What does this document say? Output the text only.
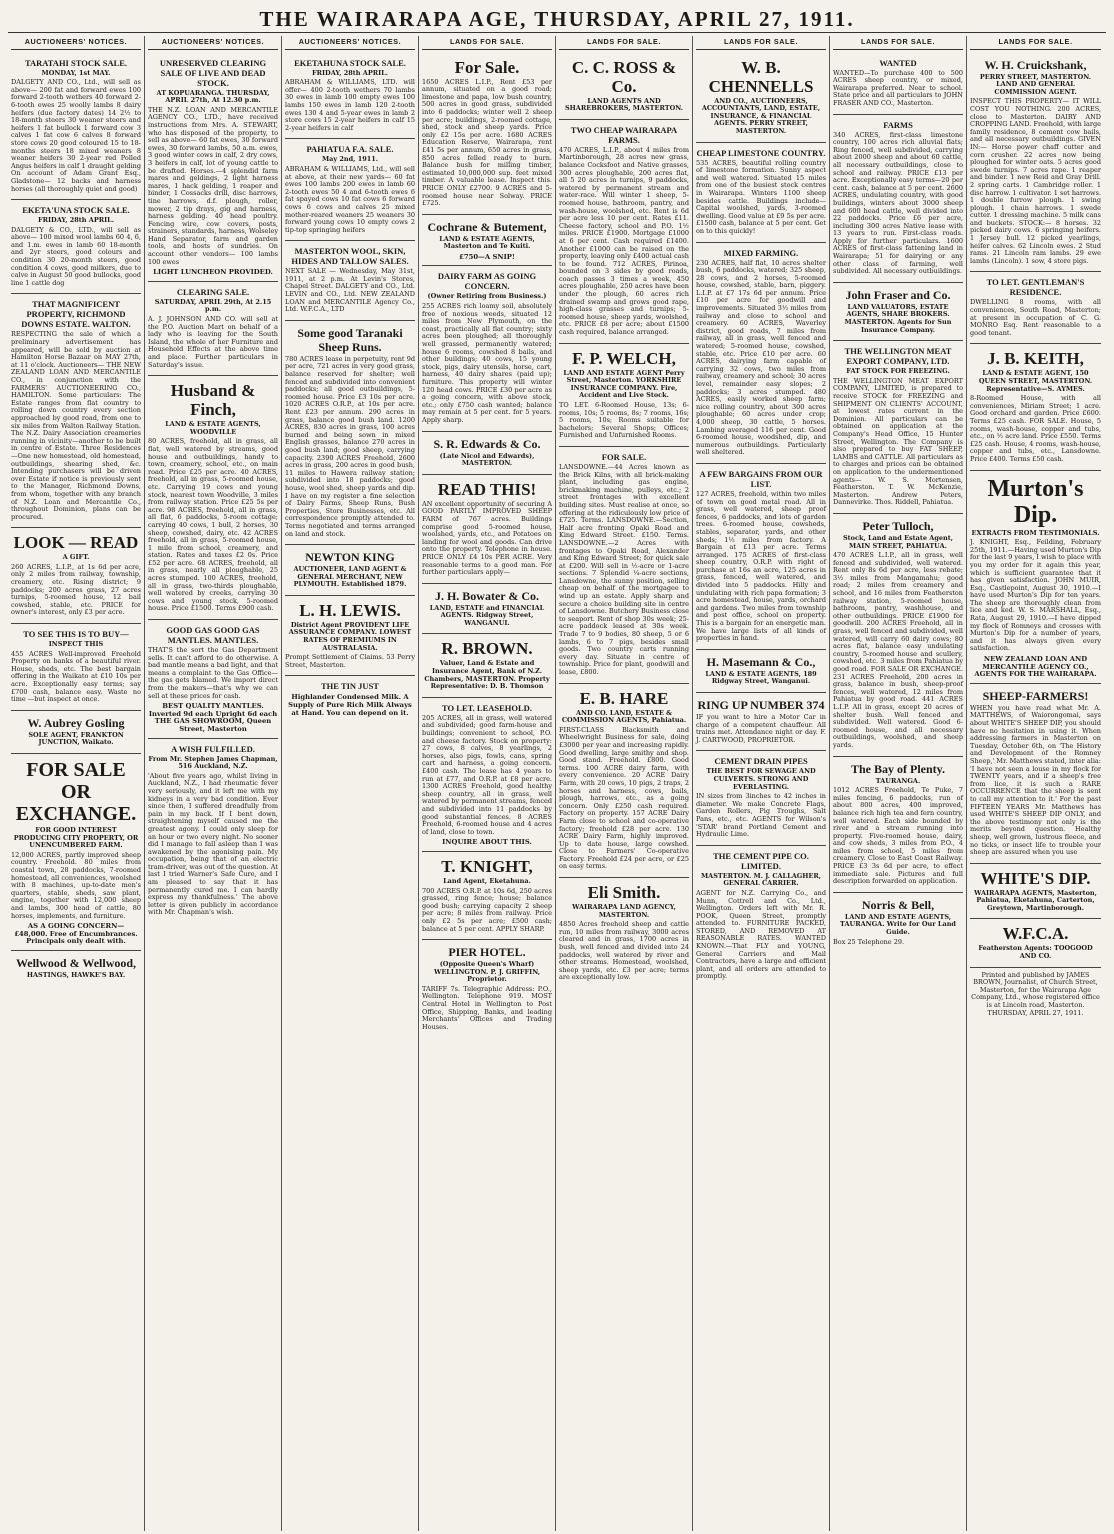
THE WAIRARAPA AGE, THURSDAY, APRIL 27, 1911.
AUCTIONEERS' NOTICES.
TARATAHI STOCK SALE.
MONDAY, 1st MAY.
DALGETY AND CO., Ltd., will sell as above— 200 fat and forward ewes 100 forward 2-tooth wethers 40 forward 2-6-tooth ewes 25 woolly lambs 8 dairy heifers (due factory dates) 14 2½ to 18-month steers 30 weaner steers and heifers 1 fat bullock 1 forward cow 3 calves 1 fat cow 6 calves 8 forward store cows 20 good coloured 15 to 18-months steers 18 mixed weaners 8 weaner heifers 30 2-year red Polled Angus heifers in calf 1 draught gelding On account of Adam Grant Esq., Gladstone— 12 backs and harness horses (all thoroughly quiet and good)
EKETA'UNA STOCK SALE.
FRIDAY, 28th APRIL.
DALGETY & CO., LTD., will sell as above— 100 mixed wool lambs 60 4, 6, and 1.m. ewes in lamb 60 18-month and 2yr steers, good colours and condition 30 20-month steers, good condition 4 cows, good milkers, due to calve in August 50 good bullocks, good line 1 cattle dog
THAT MAGNIFICENT PROPERTY, RICHMOND DOWNS ESTATE. WALTON.
RESPECTING the sale of which a preliminary advertisement has appeared, will be sold by auction at Hamilton Horse Bazaar on MAY 27th, at 11 o'clock. Auctioneers— THE NEW ZEALAND LOAN AND MERCANTILE CO., in conjunction with the FARMERS' AUCTIONEERING CO., HAMILTON. Some particulars: The Estate ranges from flat country to rolling down country every section approached by good road, from one to six miles from Walton Railway Station. The N.Z. Dairy Association creameries running in vicinity—another to be built in centre of Estate. Three Residences —One new homestead, old homestead, outbuildings, shearing shed, &c. Intending purchasers will be driven over Estate if notice is previously sent to the Manager, Richmond Downs, from whom, together with any branch of N.Z. Loan and Mercantile Co., throughout Dominion, plans can be procured.
LOOK — READ
A GIFT.
260 ACRES, L.I.P., at 1s 6d per acre, only 2 miles from railway, township, creamery, etc. Rising district; 9 paddocks; 200 acres grass, 27 acres turnips, 5-roomed house, 12 bail cowshed, stable, etc. PRICE for owner's interest, only £3 per acre.
TO SEE THIS IS TO BUY—
INSPECT THIS
455 ACRES Well-improved Freehold Property on banks of a beautiful river. House, sheds, etc. The best bargain offering in the Waikato at £10 10s per acre. Exceptionally easy terms; say £700 cash, balance easy. Waste no time —but inspect at once.
W. Aubrey Gosling
SOLE AGENT, FRANKTON JUNCTION, Waikato.
FOR SALE OR EXCHANGE.
FOR GOOD INTEREST PRODUCING CITY PROPERTY, OR UNENCUMBERED FARM.
12,000 ACRES, partly improved sheep country. Freehold. 80 miles from coastal town, 28 paddocks, 7-roomed homestead, all conveniences, woolshed with 8 machines, up-to-date men's quarters, stable, sheds, saw plant, engine, together with 12,000 sheep and lambs, 300 head of cattle, 80 horses, implements, and furniture.
AS A GOING CONCERN— £48,000. Free of Encumbrances. Principals only dealt with.
Wellwood & Wellwood,
HASTINGS, HAWKE'S BAY.
AUCTIONEERS' NOTICES.
UNRESERVED CLEARING SALE OF LIVE AND DEAD STOCK.
AT KOPUARANGA. THURSDAY, APRIL 27th, At 12.30 p.m.
THE N.Z. LOAN AND MERCANTILE AGENCY CO., LTD., have received instructions from Mrs. A. STEWART, who has disposed of the property, to sell as above— 60 fat ewes, 30 forward ewes, 30 forward lambs, 50 a.m. ewes, 3 good winter cows in calf, 2 dry cows, 3 heifers in calf, lot of young cattle to be drafted. Horses.—4 splendid farm mares and geldings, 2 light harness mares, 1 hack gelding, 1 reaper and binder, 1 Cossacks drill, disc harrows, tine harrows, d.f. plough, roller, mower, 2 tip drays, gig and harness, harness gelding. 40 head poultry. Fencing wire, cow covers, posts, strainers, standards, harness, Wolseley Hand Separator, farm and garden tools, and hosts of sundries. On account other vendors— 100 lambs 100 ewes
LIGHT LUNCHEON PROVIDED.
CLEARING SALE.
SATURDAY, APRIL 29th, At 2.15 p.m.
A. J. JOHNSON AND CO. will sell at the P.O. Auction Mart on behalf of a lady who is leaving for the South Island, the whole of her Furniture and Household Effects at the above time and place. Further particulars in Saturday's issue.
Husband & Finch,
LAND & ESTATE AGENTS, WOODVILLE
80 ACRES, freehold, all in grass, all flat, well watered by streams, good house and outbuildings, handy to town, creamery, school, etc., on main road. Price £25 per acre. 40 ACRES, freehold, all in grass, 5-roomed house, etc. Carrying 19 cows and young stock, nearest town Woodville, 3 miles from railway station. Price £25 5s per acre. 98 ACRES, freehold, all in grass, all flat, 6 paddocks, 5-room cottage; carrying 40 cows, 1 bull, 2 horses, 30 sheep, cowshed, dairy, etc. 42 ACRES freehold, all in grass, 5-roomed house, 1 mile from school, creamery, and station. Rates and taxes £2 0s. Price £52 per acre. 68 ACRES, freehold, all in grass, nearly all ploughable, 25 acres stumped. 100 ACRES, freehold, all in grass, two-thirds ploughable, well watered by creeks, carrying 30 cows and young stock, 5-roomed house. Price £1500. Terms £900 cash.
GOOD GAS GOOD GAS MANTLES. MANTLES.
THAT'S the sort the Gas Department sells. It can't afford to do otherwise. A bad mantle means a bad light, and that means a complaint to the Gas Office—the gas gets blamed. We import direct from the makers—that's why we can sell at these prices for cash.
BEST QUALITY MANTLES. Inverted 9d each Upright 6d each THE GAS SHOWROOM, Queen Street, Masterton
A WISH FULFILLED.
From Mr. Stephen James Chapman, 516 Auckland, N.Z.
'About five years ago, whilst living in Auckland, N.Z., I had rheumatic fever very seriously, and it left me with my kidneys in a very bad condition. Ever since then, I suffered dreadfully from pain in my back. If I bent down, straightening myself caused me the greatest agony. I could only sleep for an hour or two every night. No sooner did I manage to fall asleep than I was awakened by the agonising pain. My occupation, being that of an electric tram-driver, was out of the question. At last I tried Warner's Safe Cure, and I am pleased to say that it has permanently cured me. I can hardly express my thankfulness.' The above letter is given publicly in accordance with Mr. Chapman's wish.
AUCTIONEERS' NOTICES.
EKETAHUNA STOCK SALE.
FRIDAY, 28th APRIL.
ABRAHAM & WILLIAMS, LTD. will offer— 400 2-tooth wethers 70 lambs 30 ewes in lamb 100 empty ewes 100 lambs 150 ewes in lamb 120 2-tooth ewes 130 4 and 5-year ewes in lamb 2 store cows 15 2-year heifers in calf 15 2-year heifers in calf
PAHIATUA F.A. SALE.
May 2nd, 1911.
ABRAHAM & WILLIAMS, Ltd., will sell at above, at their new yards— 60 fat ewes 100 lambs 200 ewes in lamb 60 2-tooth ewes 50 4 and 6-tooth ewes 6 fat spayed cows 10 fat cows 6 forward cows 6 cows and calves 25 mixed mother-reared weaners 25 weaners 30 forward young cows 10 empty cows 2 tip-top springing heifers
MASTERTON WOOL, SKIN, HIDES AND TALLOW SALES.
NEXT SALE — Wednesday, May 31st, 1911, at 2 p.m. At Levin's Stores, Chapel Street. DALGETY and CO., Ltd. LEVIN and CO., Ltd. NEW ZEALAND LOAN and MERCANTILE Agency Co., Ltd. W.F.C.A., LTD
Some good Taranaki Sheep Runs.
780 ACRES lease in perpetuity, rent 9d per acre, 721 acres in very good grass, balance reserved for shelter; well fenced and subdivided into convenient paddocks; all good outbuildings, 5-roomed house. Price £3 10s per acre. 1020 ACRES O.R.P., at 10s per acre. Rent £23 per annum. 290 acres in grass, balance good bush land. 1200 ACRES, 830 acres in grass, 100 acres burned and being sown in mixed English grasses, balance 270 acres in good bush land; good sheep, carrying capacity. 2390 ACRES Freehold, 2600 acres in grass, 200 acres in good bush, 11 miles to Hawera railway station; subdivided into 18 paddocks; good house, wool shed, sheep yards and dip. I have on my register a fine selection of Dairy Farms, Sheep Runs, Bush Properties, Store Businesses, etc. All correspondence promptly attended to. Terms negotiated and terms arranged on land and stock.
NEWTON KING
AUCTIONEER, LAND AGENT & GENERAL MERCHANT, NEW PLYMOUTH. Established 1879.
L. H. LEWIS.
District Agent PROVIDENT LIFE ASSURANCE COMPANY. LOWEST RATES OF PREMIUMS IN AUSTRALASIA.
Prompt Settlement of Claims. 53 Perry Street, Masterton.
THE TIN JUST
Highlander Condensed Milk. A Supply of Pure Rich Milk Always at Hand. You can depend on it.
LANDS FOR SALE.
For Sale.
1650 ACRES L.I.P., Rent £53 per annum, situated on a good road; limestone and papa, low bush country, 500 acres in good grass, subdivided into 6 paddocks; winter well 2 sheep per acre; buildings, 2-roomed cottage, shed, stock and sheep yards. Price only £2 15s per acre. 1680 ACRES Education Reserve, Wairarapa, rent £41 5s per annum, 650 acres in grass, 850 acres felled ready to burn. Balance bush for milling timber, estimated 10,000,000 sup. feet mixed timber. A valuable lease. Inspect this. PRICE ONLY £2700. 9 ACRES and 5-roomed house near Solway. PRICE £725.
Cochrane & Butement,
LAND & ESTATE AGENTS, Masterton and Te Kuiti.
£750—A SNIP!
DAIRY FARM AS GOING CONCERN.
(Owner Retiring from Business.)
255 ACRES rich loamy soil, absolutely free of noxious weeds, situated 12 miles from New Plymouth, on the coast, practically all flat country; sixty acres been ploughed; all thoroughly well grassed, permanently watered; house 6 rooms, cowshed 8 bails, and other buildings; 40 cows, 15 young stock, pigs, dairy utensils, horse, cart, harness, 40 dairy shares (paid up); furniture. This property will winter 120 head cows. PRICE £30 per acre as a going concern, with above stock, etc.; only £750 cash wanted; balance may remain at 5 per cent. for 5 years. Apply sharp.
S. R. Edwards & Co.
(Late Nicol and Edwards), MASTERTON.
READ THIS!
AN excellent opportunity of securing A GOOD PARTLY IMPROVED SHEEP FARM of 767 acres. Buildings comprise good 5-roomed house, woolshed, yards, etc., and Potatoes on landing for wool and goods. Can drive onto the property. Telephone in house. PRICE ONLY £4 10s PER ACRE. Very reasonable terms to a good man. For further particulars apply—
J. H. Bowater & Co.
LAND, ESTATE and FINANCIAL AGENTS. Ridgway Street, WANGANUI.
R. BROWN.
Valuer, Land & Estate and Insurance Agent, Bank of N.Z. Chambers, MASTERTON. Property Representative: D. B. Thomson
TO LET. LEASEHOLD.
205 ACRES, all in grass, well watered and subdivided; good farm-house and buildings; convenient to school, P.O. and cheese factory. Stock on property: 27 cows, 8 calves, 8 yearlings, 2 horses, also pigs, fowls, cans, spring cart and harness, a going concern. £400 cash. The lease has 4 years to run at £77, and O.R.P. at £8 per acre. 1300 ACRES Freehold, good healthy sheep country, all in grass, well watered by permanent streams, fenced and subdivided into 11 paddocks by good substantial fences. 8 ACRES Freehold, 6-roomed house and 4 acres of land, close to town.
INQUIRE ABOUT THIS.
T. KNIGHT,
Land Agent, Eketahuna.
700 ACRES O.R.P. at 10s 6d, 250 acres grassed, ring fence; house; balance good bush; carrying capacity 2 sheep per acre; 8 miles from railway. Price only £2 5s per acre; £500 cash; balance at 5 per cent. APPLY SHARP.
PIER HOTEL.
(Opposite Queen's Wharf) WELLINGTON. P. J. GRIFFIN, Proprietor.
TARIFF 7s. Telegraphic Address: P.O., Wellington. Telephone 919. MOST Central Hotel in Wellington to Post Office, Shipping, Banks, and leading Merchants' Offices and Trading Houses.
LANDS FOR SALE.
C. C. ROSS & Co.
LAND AGENTS AND SHAREBROKERS, MASTERTON.
TWO CHEAP WAIRARAPA FARMS.
470 ACRES, L.I.P., about 4 miles from Martinborough, 28 acres new grass, balance Cocksfoot and Native grasses, 300 acres ploughable, 200 acres flat, all 5 20 acres in turnips, 9 paddocks, watered by permanent stream and water-race. Will winter 1 sheep, 5-roomed house, bathroom, pantry, and wash-house, woolshed, etc. Rent is 6d per acre less 10 per cent. Rates £11. Cheese factory, school and P.O. 1½ miles. PRICE £1900. Mortgage £1000 at 6 per cent. Cash required £1400. Another £1000 can be raised on the property, leaving only £400 actual cash to be found. 712 ACRES, Pirinoa, bounded on 3 sides by good roads, coach passes 3 times a week, 450 acres ploughable, 250 acres have been under the plough, 60 acres rich drained swamp and grows good rape, high-class grasses and turnips; 5-roomed house, sheep yards, woolshed, etc. PRICE £8 per acre; about £1500 cash required, balance arranged.
F. P. WELCH,
LAND AND ESTATE AGENT Perry Street, Masterton. YORKSHIRE INSURANCE COMPANY. Fire, Accident and Live Stock.
TO LET. 6-Roomed House, 13s; 6-rooms, 10s; 5 rooms, 8s; 7 rooms, 16s; 5 rooms, 10s; Rooms suitable for bachelors; Several Shops; Offices; Furnished and Unfurnished Rooms.
FOR SALE.
LANSDOWNE.—44 Acres known as the Brick Kilns, with all brick-making plant, including gas engine, brickmaking machine, pulleys, etc.; 2 street frontages with excellent building sites. Must realise at once, so offering at the ridiculously low price of £725. Terms. LANSDOWNE.—Section, Half acre fronting Opaki Road and King Edward Street. £150. Terms. LANSDOWNE.—2 Acres with frontages to Opaki Road, Alexander and King Edward Street; for quick sale at £200. Will sell in ½-acre or 1-acre sections. 7 Splendid ¼-acre sections, Lansdowne, the sunny position, selling cheap on behalf of the mortgagee to wind up an estate. Apply sharp and secure a choice building site in centre of Lansdowne. Butchery Business close to seaport. Rent of shop 30s week; 25-acre paddock leased at 30s week. Trade 7 to 9 bodies, 80 sheep, 5 or 6 lambs, 6 to 7 pigs, besides small goods. Two country carts running every day. Situate in centre of township. Price for plant, goodwill and lease, £800.
E. B. HARE
AND CO. LAND, ESTATE & COMMISSION AGENTS, Pahiatua.
FIRST-CLASS Blacksmith and Wheelwright Business for sale, doing £3000 per year and increasing rapidly. Good dwelling, large smithy and shop. Good stand. Freehold. £800. Good terms. 100 ACRE dairy farm, with every convenience. 20 ACRE Dairy Farm, with 20 cows, 10 pigs, 2 traps, 2 horses and harness, cows, bails, plough, harrows, etc., as a going concern. Only £250 cash required. Factory on property. 157 ACRE Dairy Farm close to school and co-operative factory; freehold £28 per acre. 130 ACRE Dairy Farm, highly improved. Up to date house, large cowshed. Close to Farmers' Co-operative Factory. Freehold £24 per acre, or £25 on easy terms.
Eli Smith.
WAIRARAPA LAND AGENCY, MASTERTON.
4850 Acres freehold sheep and cattle run, 10 miles from railway, 3000 acres cleared and in grass, 1700 acres in bush, well fenced and divided into 24 paddocks, well watered by river and other streams. Homestead, woolshed, sheep yards, etc. £3 per acre; terms are exceptionally low.
LANDS FOR SALE.
W. B. CHENNELLS
AND CO., AUCTIONEERS, ACCOUNTANTS, LAND, ESTATE, INSURANCE, & FINANCIAL AGENTS. PERRY STREET, MASTERTON.
CHEAP LIMESTONE COUNTRY.
535 ACRES, beautiful rolling country of limestone formation. Sunny aspect and well watered. Situated 15 miles from one of the busiest stock centres in Wairarapa. Winters 1100 sheep besides cattle. Buildings include—Capital woolshed, yards, 3-roomed dwelling. Good value at £9 5s per acre. £1500 cash, balance at 5 per cent. Get on to this quickly!
MIXED FARMING.
230 ACRES, half flat, 10 acres shelter bush, 6 paddocks, watered; 325 sheep, 28 cows, and 2 horses, 5-roomed house, cowshed, stable, barn, piggery. L.I.P. at £7 17s 6d per annum. Price £10 per acre for goodwill and improvements. Situated 3½ miles from railway and close to school and creamery. 60 ACRES, Waverley district, good roads, 7 miles from railway, all in grass, well fenced and watered; 5-roomed house, cowshed, stable, etc. Price £10 per acre. 60 ACRES, dairying farm capable of carrying 32 cows, two miles from railway, creamery and school; 30 acres level, remainder easy slopes; 2 paddocks; 3 acres stumped. 480 ACRES, easily worked sheep farm; nice rolling country, about 300 acres ploughable; 60 acres under crop; 4,000 sheep, 30 cattle, 5 horses. Lambing averaged 116 per cent. Good 6-roomed house, woodshed, dip, and numerous outbuildings. Particularly well sheltered.
A FEW BARGAINS FROM OUR LIST.
127 ACRES, freehold, within two miles of town on good metal road. All in grass, well watered, sheep proof fences, 6 paddocks, and lots of garden trees. 6-roomed house, cowsheds, stables, separator, yards, and other sheds; 1½ miles from factory. A Bargain at £13 per acre. Terms arranged. 175 ACRES of first-class sheep country, O.R.P. with right of purchase at 16s an acre, 125 acres in grass, fenced, well watered, and divided into 5 paddocks. Hilly and undulating with rich papa formation; 3 acre homestead, house, yards, orchard and gardens. Two miles from township and post office, school on property. This is a bargain for an energetic man. We have large lists of all kinds of properties in hand.
H. Masemann & Co.,
LAND & ESTATE AGENTS, 189 Ridgway Street, Wanganui.
RING UP NUMBER 374
IF you want to hire a Motor Car in charge of a competent chauffeur. All trains met. Attendance night or day. F. J. CARTWOOD, PROPRIETOR.
CEMENT DRAIN PIPES
THE BEST FOR SEWAGE AND CULVERTS. STRONG AND EVERLASTING.
IN sizes from 3inches to 42 inches in diameter. We make Concrete Flags, Garden Rollers, Pig Troughs, Salt Pans, etc., etc. AGENTS for Wilson's 'STAR' brand Portland Cement and Hydraulic Lime.
THE CEMENT PIPE CO. LIMITED.
MASTERTON. M. J. CALLAGHER, GENERAL CARRIER.
AGENT for N.Z. Carrying Co., and Munn, Cottrell and Co., Ltd., Wellington. Orders left with Mr. R. POOK, Queen Street, promptly attended to. FURNITURE PACKED, STORED, AND REMOVED AT REASONABLE RATES. WANTED KNOWN.—That FLY and YOUNG, General Carriers and Mail Contractors, have a large and efficient plant, and all orders are attended to promptly.
LANDS FOR SALE.
WANTED
WANTED—To purchase 400 to 500 ACRES sheep country, or mixed, Wairarapa preferred. Near to school. State price and all particulars to JOHN FRASER AND CO., Masterton.
FARMS
340 ACRES, first-class limestone country, 100 acres rich alluvial flats; Ring fenced, well subdivided, carrying about 2000 sheep and about 60 cattle, all necessary outbuildings, close to school and railway. PRICE £13 per acre. Exceptionally easy terms—20 per cent. cash, balance at 5 per cent. 2600 ACRES, undulating country, with good buildings, winters about 3000 sheep and 600 head cattle, well divided into 22 paddocks. Price £6 per acre, including 300 acres Native lease with 13 years to run. First-class roads. Apply for further particulars. 1600 ACRES of first-class fattening land in Wairarapa; 51 for dairying or any other class of farming, well subdivided. All necessary outbuildings.
John Fraser and Co.
LAND VALUATORS, ESTATE AGENTS, SHARE BROKERS. MASTERTON. Agents for Sun Insurance Company.
THE WELLINGTON MEAT EXPORT COMPANY, LTD.
FAT STOCK FOR FREEZING.
THE WELLINGTON MEAT EXPORT COMPANY, LIMITED, is prepared to receive STOCK for FREEZING and SHIPMENT ON CLIENTS' ACCOUNT, at lowest rates current in the Dominion. All particulars can be obtained on application at the Company's Head Office, 15 Hunter Street, Wellington. The Company is also prepared to buy FAT SHEEP, LAMBS and CATTLE. All particulars as to charges and prices can be obtained on application to the undermentioned agents— W. S. Mortensen, Featherston. T. W. McKenzie, Masterton. Andrew Peters, Dannevirke. Thos. Riddell, Pahiatua.
Peter Tulloch,
Stock, Land and Estate Agent, MAIN STREET, PAHIATUA.
470 ACRES L.I.P., all in grass, well fenced and subdivided, well watered. Rent only 8s 6d per acre, less rebate; 3½ miles from Mangamahu; good road; 2 miles from creamery and school, and 16 miles from Featherston railway station, 5-roomed house, bathroom, pantry, washhouse, and other outbuildings. PRICE £1900 for goodwill. 200 ACRES Freehold, all in grass, well fenced and subdivided, well watered, will carry 60 dairy cows; 80 acres flat, balance easy undulating country, 5-roomed house and scullery, cowshed, etc. 3 miles from Pahiatua by good road. FOR SALE OR EXCHANGE. 231 ACRES Freehold, 200 acres in grass, balance in bush, sheep-proof fences, well watered, 12 miles from Pahiatua by good road. 441 ACRES L.I.P. All in grass, except 20 acres of shelter bush. Well fenced and subdivided. Well watered. Good 6-roomed house, and all necessary outbuildings, woolshed, and sheep yards.
The Bay of Plenty.
TAURANGA.
1012 ACRES Freehold, Te Puke, 7 miles fencing, 6 paddocks, run of about 800 acres, 400 improved, balance rich high tea and fern country, well watered. Each side bounded by river and a stream running into property. Five-roomed house, dairy, and cow sheds, 3 miles from P.O., 4 miles from school, 5 miles from creamery. Close to East Coast Railway. PRICE £3 3s 6d per acre, to effect immediate sale. Pictures and full description forwarded on application.
Norris & Bell,
LAND AND ESTATE AGENTS, TAURANGA. Write for Our Land Guide.
Box 25 Telephone 29.
LANDS FOR SALE.
W. H. Cruickshank,
PERRY STREET, MASTERTON. LAND AND GENERAL COMMISSION AGENT.
INSPECT THIS PROPERTY— IT WILL COST YOU NOTHING. 200 ACRES, close to Masterton. DAIRY AND CROPPING LAND. Freehold, with large family residence, 8 cement cow bails, and all necessary outbuildings. GIVEN IN:— Horse power chaff cutter and corn crusher. 22 acres now being ploughed for winter oats. 5 acres good swede turnips. 7 acres rape. 1 reaper and binder. 1 new Reid and Gray Drill. 2 spring carts. 1 Cambridge roller. 1 disc harrow. 1 cultivator. 1 set harrows. 1 double furrow plough. 1 swing plough. 1 chain harrows. 1 swede cutter. 1 dressing machine. 5 milk cans and buckets. STOCK:— 8 horses. 32 picked dairy cows. 6 springing heifers. 1 Jersey bull. 12 picked yearlings, heifer calves. 62 Lincoln ewes. 2 Stud rams. 21 Lincoln ram lambs. 29 ewe lambs (Lincoln). 1 sow, 4 store pigs.
TO LET. GENTLEMAN'S RESIDENCE.
DWELLING 8 rooms, with all conveniences, South Road, Masterton; at present in occupation of C. G. MONRO Esq. Rent reasonable to a good tenant.
J. B. KEITH,
LAND & ESTATE AGENT, 150 QUEEN STREET, MASTERTON. Representative—S. AYMES.
8-Roomed House, with all conveniences, Miriam Street; 1 acre. Good orchard and garden. Price £600. Terms £25 cash. FOR SALE. House, 5 rooms, wash-house, copper and tubs, etc., on ½ acre land. Price £550. Terms £25 cash. House, 4 rooms, wash-house, copper and tubs, etc., Lansdowne. Price £400. Terms £50 cash.
Murton's Dip.
EXTRACTS FROM TESTIMONIALS.
J. KNIGHT, Esq., Feilding, February 25th, 1911.—Having used Murton's Dip for the last 9 years, I wish to place with you my order for it again this year, which is sufficient guarantee that it has given satisfaction. JOHN MUIR, Esq., Castlepoint, August 30, 1910.—I have used Murton's Dip for ten years. The sheep are thoroughly clean from lice and ked. W. S. MARSHALL, Esq., Rata, August 29, 1910.—I have dipped my flock of Romneys and crosses with Murton's Dip for a number of years, and it has always given every satisfaction.
NEW ZEALAND LOAN AND MERCANTILE AGENCY CO., AGENTS FOR THE WAIRARAPA.
SHEEP-FARMERS!
WHEN you have read what Mr. A. MATTHEWS, of Waiorongomai, says about WHITE'S SHEEP DIP, you should have no hesitation in using it. When addressing farmers in Masterton on Tuesday, October 6th, on 'The History and Development of the Romney Sheep,' Mr. Matthews stated, inter alia: 'I have not seen a louse in my flock for TWENTY years, and if a sheep's free from lice, it is such a RARE OCCURRENCE that the sheep is sent to call my attention to it.' For the past FIFTEEN YEARS Mr. Matthews has used WHITE'S SHEEP DIP ONLY, and the above testimony not only is the merits beyond question. Healthy sheep, well grown, lustrous fleece, and no ticks, or insect life to trouble your sheep are assured when you use
WHITE'S DIP.
WAIRARAPA AGENTS, Masterton, Pahiatua, Eketahuna, Carterton, Greytown, Martinborough.
W.F.C.A.
Featherston Agents: TOOGOOD AND CO.
Printed and published by JAMES BROWN, Journalist, of Church Street, Masterton, for the Wairarapa Age Company, Ltd., whose registered office is at Lincoln road, Masterton. THURSDAY, APRIL 27, 1911.
